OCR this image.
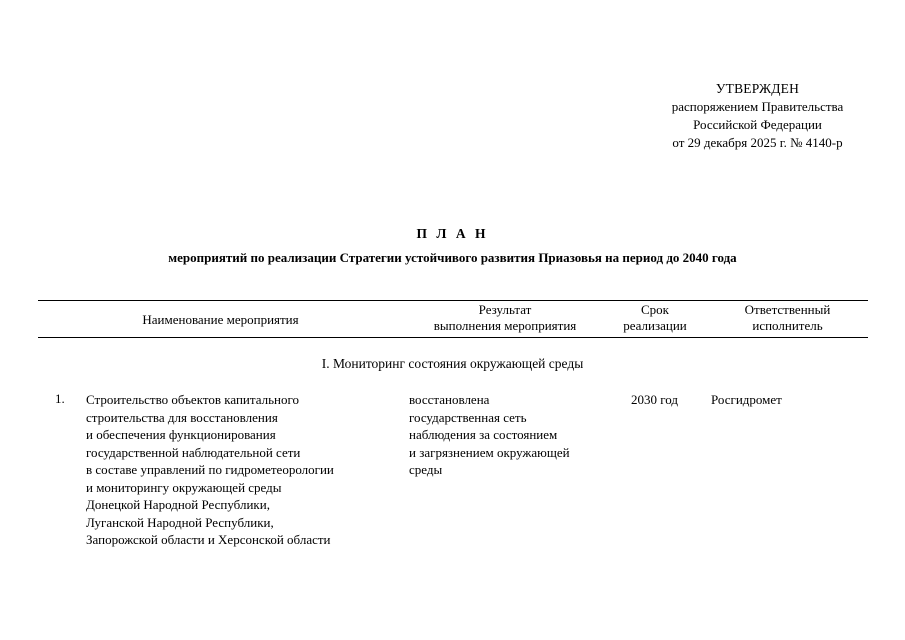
УТВЕРЖДЕН
распоряжением Правительства
Российской Федерации
от 29 декабря 2025 г. № 4140-р
П Л А Н
мероприятий по реализации Стратегии устойчивого развития Приазовья на период до 2040 года
Наименование мероприятия
Результат
выполнения мероприятия
Срок
реализации
Ответственный
исполнитель
I. Мониторинг состояния окружающей среды
1. Строительство объектов капитального
строительства для восстановления
и обеспечения функционирования
государственной наблюдательной сети
в составе управлений по гидрометеорологии
и мониторингу окружающей среды
Донецкой Народной Республики,
Луганской Народной Республики,
Запорожской области и Херсонской области
восстановлена
государственная сеть
наблюдения за состоянием
и загрязнением окружающей
среды
2030 год	Росгидромет
